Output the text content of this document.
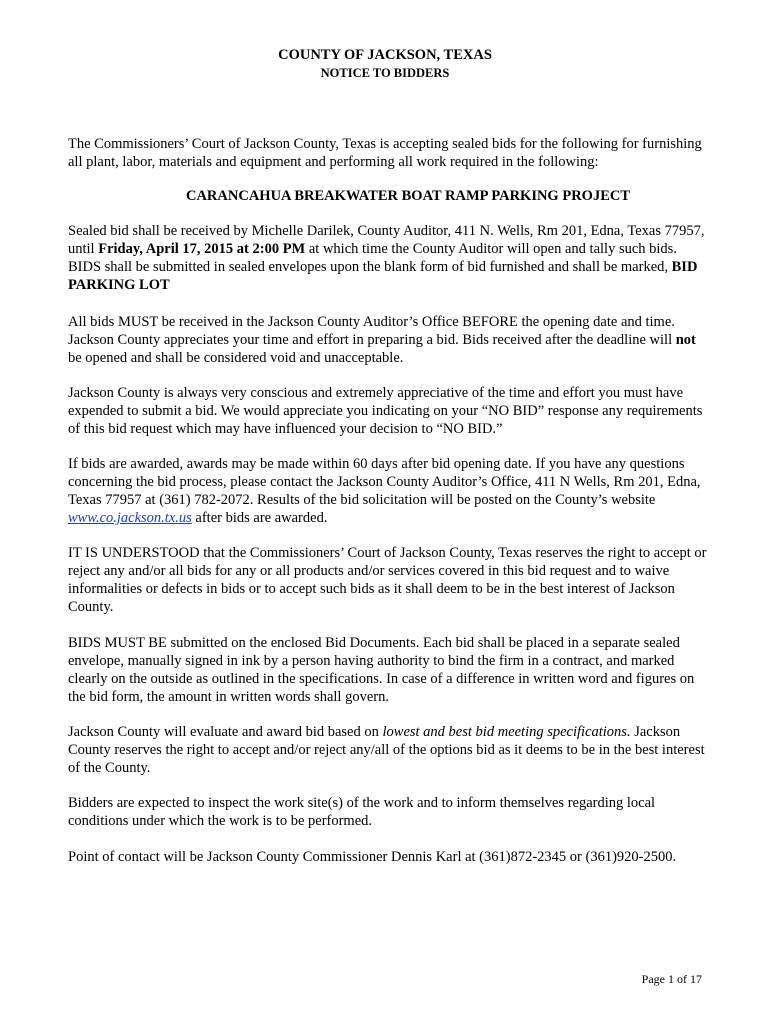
COUNTY OF JACKSON, TEXAS
NOTICE TO BIDDERS

The Commissioners’ Court of Jackson County, Texas is accepting sealed bids for the following for furnishing all plant, labor, materials and equipment and performing all work required in the following:

CARANCAHUA BREAKWATER BOAT RAMP PARKING PROJECT

Sealed bid shall be received by Michelle Darilek, County Auditor, 411 N. Wells, Rm 201, Edna, Texas 77957, until Friday, April 17, 2015 at 2:00 PM at which time the County Auditor will open and tally such bids. BIDS shall be submitted in sealed envelopes upon the blank form of bid furnished and shall be marked, BID PARKING LOT

All bids MUST be received in the Jackson County Auditor’s Office BEFORE the opening date and time. Jackson County appreciates your time and effort in preparing a bid. Bids received after the deadline will not be opened and shall be considered void and unacceptable.

Jackson County is always very conscious and extremely appreciative of the time and effort you must have expended to submit a bid. We would appreciate you indicating on your “NO BID” response any requirements of this bid request which may have influenced your decision to “NO BID.”

If bids are awarded, awards may be made within 60 days after bid opening date. If you have any questions concerning the bid process, please contact the Jackson County Auditor’s Office, 411 N Wells, Rm 201, Edna, Texas 77957 at (361) 782-2072. Results of the bid solicitation will be posted on the County’s website www.co.jackson.tx.us after bids are awarded.

IT IS UNDERSTOOD that the Commissioners’ Court of Jackson County, Texas reserves the right to accept or reject any and/or all bids for any or all products and/or services covered in this bid request and to waive informalities or defects in bids or to accept such bids as it shall deem to be in the best interest of Jackson County.

BIDS MUST BE submitted on the enclosed Bid Documents. Each bid shall be placed in a separate sealed envelope, manually signed in ink by a person having authority to bind the firm in a contract, and marked clearly on the outside as outlined in the specifications. In case of a difference in written word and figures on the bid form, the amount in written words shall govern.

Jackson County will evaluate and award bid based on lowest and best bid meeting specifications. Jackson County reserves the right to accept and/or reject any/all of the options bid as it deems to be in the best interest of the County.

Bidders are expected to inspect the work site(s) of the work and to inform themselves regarding local conditions under which the work is to be performed.

Point of contact will be Jackson County Commissioner Dennis Karl at (361)872-2345 or (361)920-2500.

Page 1 of 17
